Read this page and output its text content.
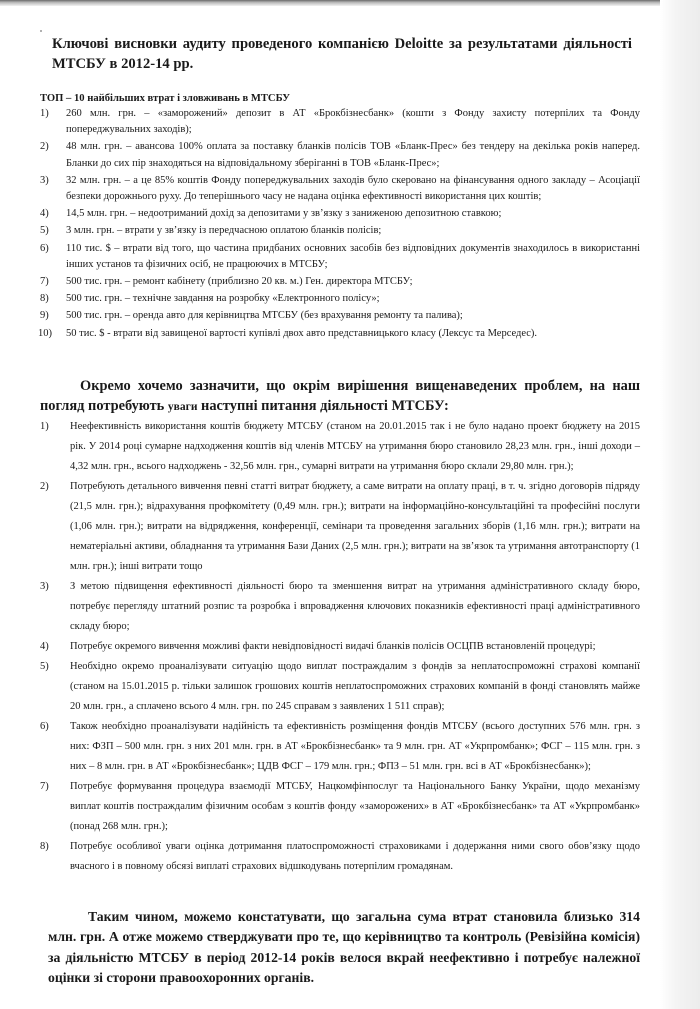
Ключові висновки аудиту проведеного компанією Deloitte за результатами діяльності МТСБУ в 2012-14 рр.
ТОП – 10 найбільших втрат і зловживань в МТСБУ
1) 260 млн. грн. – «заморожений» депозит в АТ «Брокбізнесбанк» (кошти з Фонду захисту потерпілих та Фонду попереджувальних заходів);
2) 48 млн. грн. – авансова 100% оплата за поставку бланків полісів ТОВ «Бланк-Прес» без тендеру на декілька років наперед. Бланки до сих пір знаходяться на відповідальному зберіганні в ТОВ «Бланк-Прес»;
3) 32 млн. грн. – а це 85% коштів Фонду попереджувальних заходів було скеровано на фінансування одного закладу – Асоціації безпеки дорожнього руху. До теперішнього часу не надана оцінка ефективності використання цих коштів;
4) 14,5 млн. грн. – недоотриманий дохід за депозитами у зв’язку з заниженою депозитною ставкою;
5) 3 млн. грн. – втрати у зв’язку із передчасною оплатою бланків полісів;
6) 110 тис. $ – втрати від того, що частина придбаних основних засобів без відповідних документів знаходилось в використанні інших установ та фізичних осіб, не працюючих в МТСБУ;
7) 500 тис. грн. – ремонт кабінету (приблизно 20 кв. м.) Ген. директора МТСБУ;
8) 500 тис. грн. – технічне завдання на розробку «Електронного полісу»;
9) 500 тис. грн. – оренда авто для керівництва МТСБУ (без врахування ремонту та палива);
10) 50 тис. $ - втрати від завищеної вартості купівлі двох авто представницького класу (Лексус та Мерседес).
Окремо хочемо зазначити, що окрім вирішення вищенаведених проблем, на наш погляд потребують уваги наступні питання діяльності МТСБУ:
1) Неефективність використання коштів бюджету МТСБУ (станом на 20.01.2015 так і не було надано проект бюджету на 2015 рік. У 2014 році сумарне надходження коштів від членів МТСБУ на утримання бюро становило 28,23 млн. грн., інші доходи – 4,32 млн. грн., всього надходжень - 32,56 млн. грн., сумарні витрати на утримання бюро склали 29,80 млн. грн.);
2) Потребують детального вивчення певні статті витрат бюджету, а саме витрати на оплату праці, в т. ч. згідно договорів підряду (21,5 млн. грн.); відрахування профкомітету (0,49 млн. грн.); витрати на інформаційно-консультаційні та професійні послуги (1,06 млн. грн.); витрати на відрядження, конференції, семінари та проведення загальних зборів (1,16 млн. грн.); витрати на нематеріальні активи, обладнання та утримання Бази Даних (2,5 млн. грн.); витрати на зв’язок та утримання автотранспорту (1 млн. грн.); інші витрати тощо
3) З метою підвищення ефективності діяльності бюро та зменшення витрат на утримання адміністративного складу бюро, потребує перегляду штатний розпис та розробка і впровадження ключових показників ефективності праці адміністративного складу бюро;
4) Потребує окремого вивчення можливі факти невідповідності видачі бланків полісів ОСЦПВ встановленій процедурі;
5) Необхідно окремо проаналізувати ситуацію щодо виплат постраждалим з фондів за неплатоспроможні страхові компанії (станом на 15.01.2015 р. тільки залишок грошових коштів неплатоспроможних страхових компаній в фонді становлять майже 20 млн. грн., а сплачено всього 4 млн. грн. по 245 справам з заявлених 1 511 справ);
6) Також необхідно проаналізувати надійність та ефективність розміщення фондів МТСБУ (всього доступних 576 млн. грн. з них: ФЗП – 500 млн. грн. з них 201 млн. грн. в АТ «Брокбізнесбанк» та 9 млн. грн. АТ «Укрпромбанк»; ФСГ – 115 млн. грн. з них – 8 млн. грн. в АТ «Брокбізнесбанк»; ЦДВ ФСГ – 179 млн. грн.; ФПЗ – 51 млн. грн. всі в АТ «Брокбізнесбанк»);
7) Потребує формування процедура взаємодії МТСБУ, Нацкомфінпослуг та Національного Банку України, щодо механізму виплат коштів постраждалим фізичним особам з коштів фонду «заморожених» в АТ «Брокбізнесбанк» та АТ «Укрпромбанк» (понад 268 млн. грн.);
8) Потребує особливої уваги оцінка дотримання платоспроможності страховиками і додержання ними свого обов’язку щодо вчасного і в повному обсязі виплаті страхових відшкодувань потерпілим громадянам.
Таким чином, можемо констатувати, що загальна сума втрат становила близько 314 млн. грн. А отже можемо стверджувати про те, що керівництво та контроль (Ревізійна комісія) за діяльністю МТСБУ в період 2012-14 років велося вкрай неефективно і потребує належної оцінки зі сторони правоохоронних органів.
